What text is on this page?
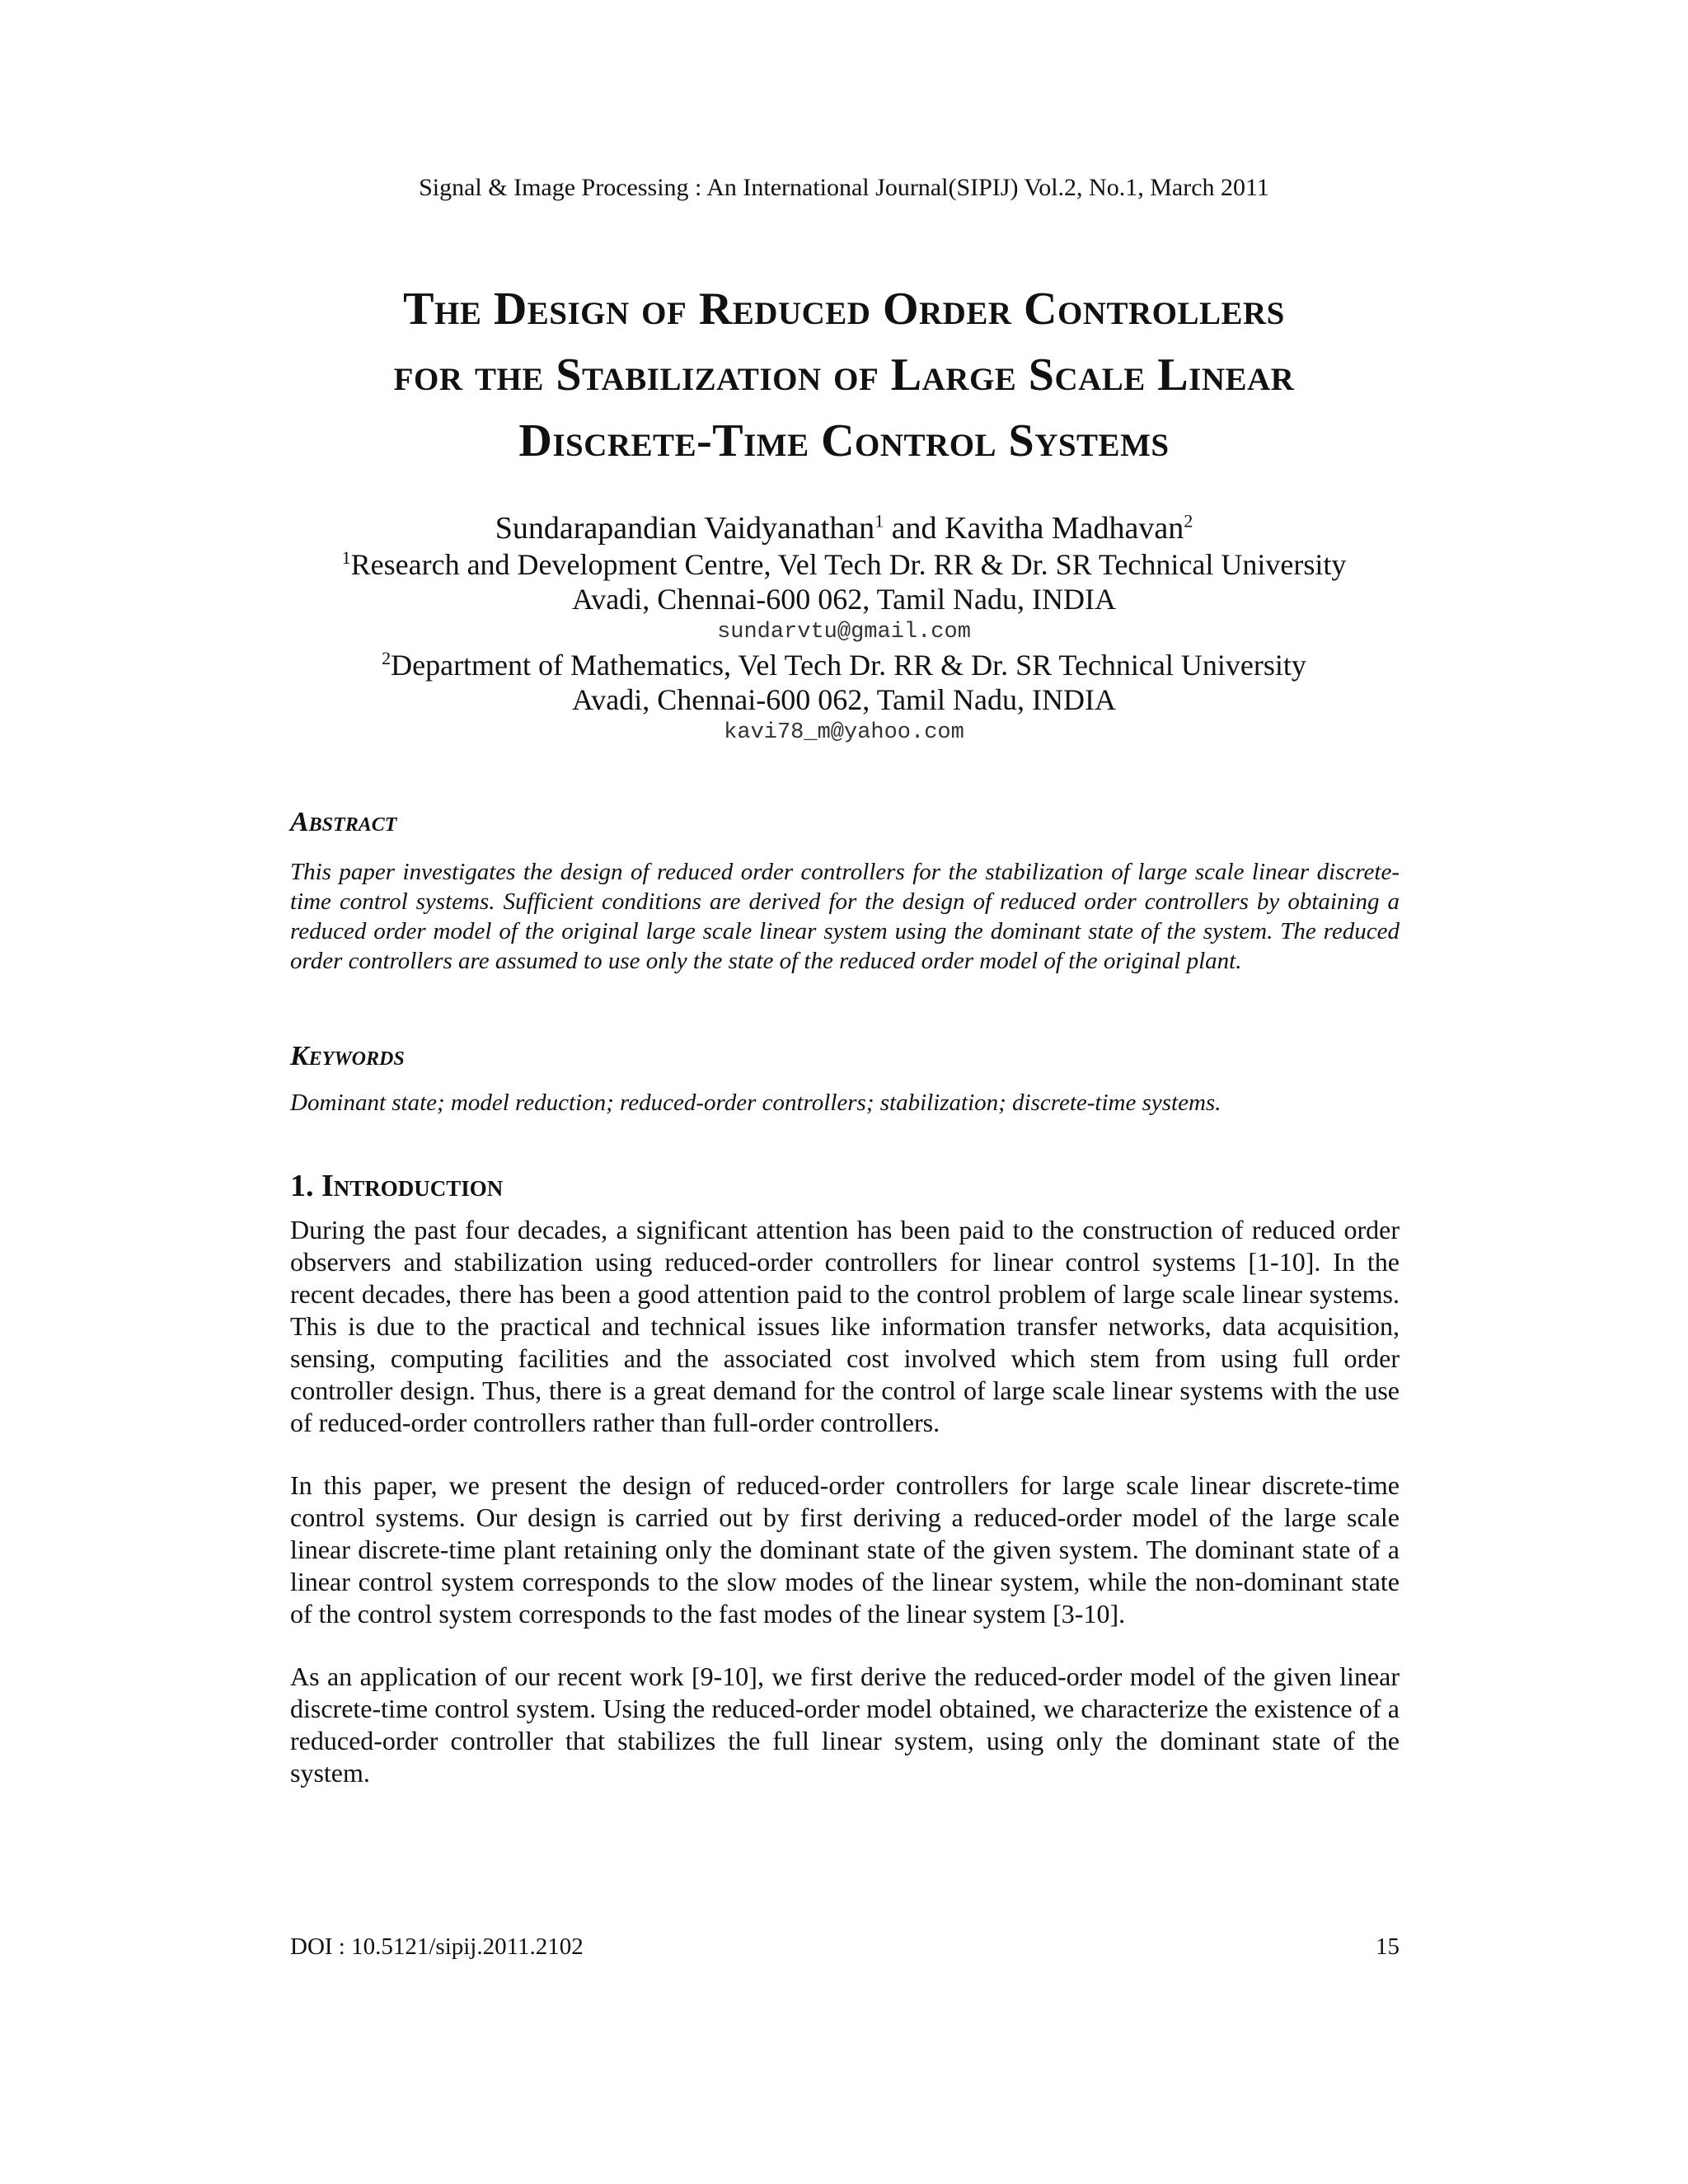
Signal & Image Processing : An International Journal(SIPIJ) Vol.2, No.1, March 2011
The Design of Reduced Order Controllers
for the Stabilization of Large Scale Linear
Discrete-Time Control Systems
Sundarapandian Vaidyanathan$^1$ and Kavitha Madhavan$^2$
$^1$Research and Development Centre, Vel Tech Dr. RR & Dr. SR Technical University
Avadi, Chennai-600 062, Tamil Nadu, INDIA
sundarvtu@gmail.com
$^2$Department of Mathematics, Vel Tech Dr. RR & Dr. SR Technical University
Avadi, Chennai-600 062, Tamil Nadu, INDIA
kavi78_m@yahoo.com
Abstract
This paper investigates the design of reduced order controllers for the stabilization of large scale linear discrete-time control systems. Sufficient conditions are derived for the design of reduced order controllers by obtaining a reduced order model of the original large scale linear system using the dominant state of the system. The reduced order controllers are assumed to use only the state of the reduced order model of the original plant.
Keywords
Dominant state; model reduction; reduced-order controllers; stabilization; discrete-time systems.
1. Introduction
During the past four decades, a significant attention has been paid to the construction of reduced order observers and stabilization using reduced-order controllers for linear control systems [1-10]. In the recent decades, there has been a good attention paid to the control problem of large scale linear systems. This is due to the practical and technical issues like information transfer networks, data acquisition, sensing, computing facilities and the associated cost involved which stem from using full order controller design. Thus, there is a great demand for the control of large scale linear systems with the use of reduced-order controllers rather than full-order controllers.
In this paper, we present the design of reduced-order controllers for large scale linear discrete-time control systems. Our design is carried out by first deriving a reduced-order model of the large scale linear discrete-time plant retaining only the dominant state of the given system. The dominant state of a linear control system corresponds to the slow modes of the linear system, while the non-dominant state of the control system corresponds to the fast modes of the linear system [3-10].
As an application of our recent work [9-10], we first derive the reduced-order model of the given linear discrete-time control system. Using the reduced-order model obtained, we characterize the existence of a reduced-order controller that stabilizes the full linear system, using only the dominant state of the system.
DOI : 10.5121/sipij.2011.2102	15
